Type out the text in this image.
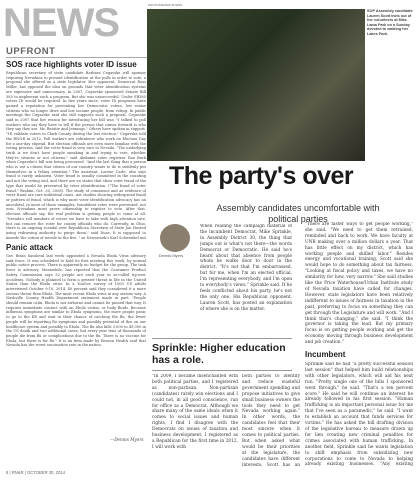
NEWS
UPFRONT
SOS race highlights voter ID issue
Republican secretary of state candidate Barbara Cegavske will sponsor requiring Nevadans to present identification at the polls in order to vote, a proposal she offered as a state legislator. Her opponent, Democrat Ross Miller, has opposed the idea on grounds that voter identification systems are expensive and unnecessary. In 2007, Cegavske sponsored Senate Bill 385 to implement such a program. But she was unsuccessful. Under SB385 voters ID would be required. In five years since, voter ID programs have gained a reputation for preventing low Democratic voters, low senior citizens who no longer drive and low income people, from voting. In public meetings the Cegavske said she still supports such a proposal. Cegavske said in 2007 that her reason for introducing her bill was, "I talked to poll workers who say they have to tell if the person that comes forward is who they say they are. Mr. Beattie and Jennings." Others have spoken in support. "I'll validate voters in Clark County during the last election," Cegavske told the RN&R in 2012. Poll workers are volunteers who work on Election Day for a one-day stipend. But election officials are even more familiar with the voting process, said the voter fraud is very rare in Nevada. "The underlying truth is we don't have people sneaking in and trying to vote, whether they're citizens or not citizens," said Alabama voter registrar Dan Burk when Cegavske's bill was being processed. "And the last thing that a person who is not a citizen that citizen of our country wants to do is suddenly put themselves in a felony situation." The assistant, Lorene Carle, also says fraud is rarely unknown. Voter fraud is usually committed in the counting and not the voting end, and there are no states that show voter fraud of the type that would be prevented by voter identification. ("The fraud of voter fraud," Brahim, Oct. 30, 2008). The study of consensus and as evidence of voter fraud are rare individual cases, not studies showing widespread fraud or pattern of fraud, which is why most voter identification advocacy has an anecdotal, in most of those examples, fraudulent votes were prevented, not won. Nevadans must prove citizenship to register to vote. After that, election officials say, the real problem is getting people to come at all. "Nevada's roll numbers of voters we have to take with high attention rate, but can remove the voter for county officials who do. Currently, in Ohio, there is an ongoing scandal over Republican Secretary of State Jon Husted using redrawing authority to purge them," said Duas. It is supposed to impede the voting of people in the five, " as Newsweek's Karl Schwenkel put
Panic attack
Gov. Brian Sandoval last week appointed a Nevada Ebola Virus advisory task force. It was scheduled to hold its first meeting this week, by normal public notice process. There is apparently no budget for the group. The task force is advisory. Meanwhile, has reported that the Consumer Product Safety Commission says 32 people are each year in so-called tip-over accidents. Nobody is planned to form a greater threat in life in the United States than the Ebola virus. In a YouGov survey of 1000 US adults interviewed October 9-10, 2014, 40 percent said they considered it a more serious threat than Ebola. The most recent Ebola virus in any serious way. A Nashville County Health Department statement made in part, "People should remain calm. Ebola is not airborne and cannot be passed that way. It requires immediate contact with an Ebola victim, or body fluids. Because influenza symptoms are similar to Ebola symptoms, the more people panic to go to the ER and wait in their chance of catching the flu, the fewer people will be reporting flu symptoms and possibly potential of this on our healthcare system and possibly to Ebola. The flu also kills 3,000 to 49,000 in the US death and two additional cases, but every year tens of thousands of people die from flu or complications due to the flu. There is no vaccine for Ebola, but there is for flu." It is an item made by Reason Health said that Nevada has the worst vaccination rate in the nation.
—Dennis Myers
PHOTO/DENNIS MYERS
SOP Assembly candidate Lauren Scott trots out of her volunteers at Mira Lama Park on a Sunday devoted to walking her Lakes Park.
The party's over
Assembly candidates uncomfortable with political parties
Dennis Myers
When reading the campaign material of the incumbent Democrat, Mike Sprinkle, in Assembly District 30, the thing that jumps out is what's not there—the words Democrat or Democratic. He said he's heard about that absence from people whom he walks door to door in the district. "It's not that I'm embarrassed, but for me, when I'm an elected official, I'm representing everybody, and I'm open to everybody's views," Sprinkle said. If he feels conflicted about his party, he's not the only one. His Republican opponent, Lauren Scott, has posted an explanation of where she is on the matter.
Sprinkle: Higher education has a role.
"In 2009, I became disenchanted with both political parties, and I registered as non-partisan. Non-partisan (candidates) rarely win elections and I could not, in all good conscience, run for office as a Democrat. Although we share many of the same ideals when it comes to social issues and human rights, I find I disagree with the Democrats on issues of taxation and business development. I registered as a Republican for the first time in 2012. I will work with
both parties to identify and reduce wasteful government spending and propose initiatives to give small business owners the tools they need to get Nevada working again." In other words, the candidates feel that their most sincere when it comes to political parties. But when asked what would be their priorities at the legislature, the candidates have different interests. Scott has an
"There are faster ways to get people working," she said. "We need to get them retrained, reminded and back to work. We have faculty at UNR making over a million dollars a year. That has little effect on my district, which has working people and skilled labor." Besides energy and vocational training, Scott said she would hope to do something about tax fairness. "Looking at fiscal policy and taxes, we have no similarity for how, very narrow." She said studies like the Price Waterhouse/Urban Institute study of Nevada taxation have called for changes. However, state legislators have been relatively indifferent to issues of fairness in taxation in the past, preferring to focus on something they can get through the Legislature and will work. "And I think that's changing," she said. "I think the governor is taking the lead. But my primary focus is on getting people working and get the economy moving through business development and job creation."
Incumbent
Sprinkle said he had "a pretty successful session last session" that helped him build relationships with other legislators, which will aid his next run. "Pretty single one of the bills I sponsored went through," he said. "That's a ten percent score." He said he will continue an interest he already followed in his first session. "Human trafficking is an important personal issue for me that I've seen as a paramedic," he said. "I want to establish an account that funds services for victims." He has asked the bill drafting division of the legislative bureau to measure drawn up for lien creating new criminal penalties for crimes associated with human trafficking. In another field, Sprinkle said he wants legislation to shift emphasis from subsidizing new corporations to come to Nevada to helping already existing businesses. "Any existing
8 | RN&R | OCTOBER 30, 2014
